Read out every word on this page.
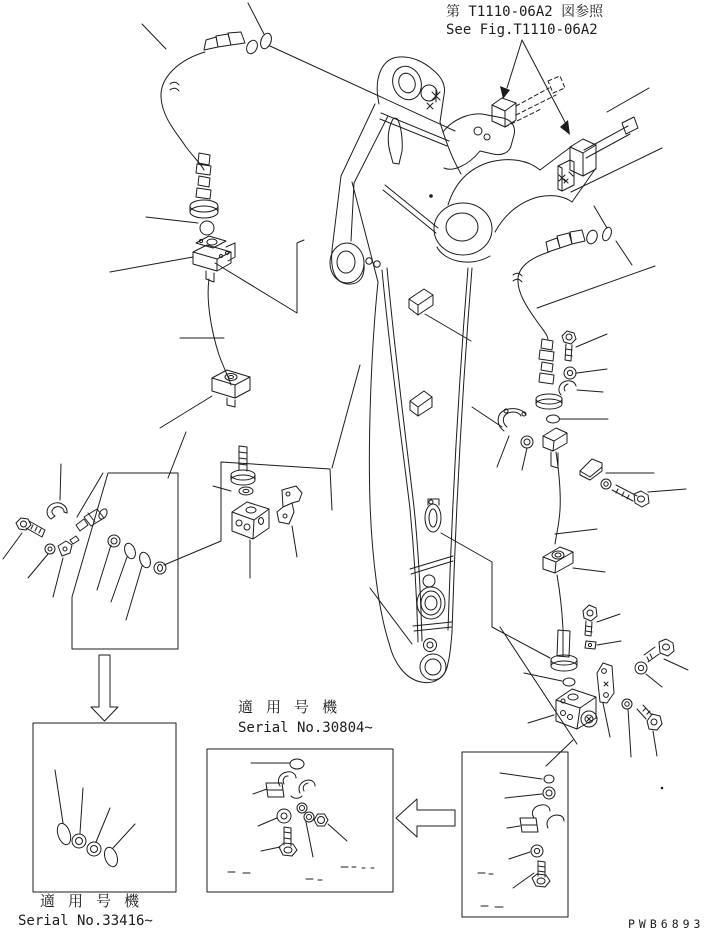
第 T1110-06A2 図参照
See Fig.T1110-06A2
適 用 号 機
Serial No.30804~
適 用 号 機
Serial No.33416~	PWB6893
